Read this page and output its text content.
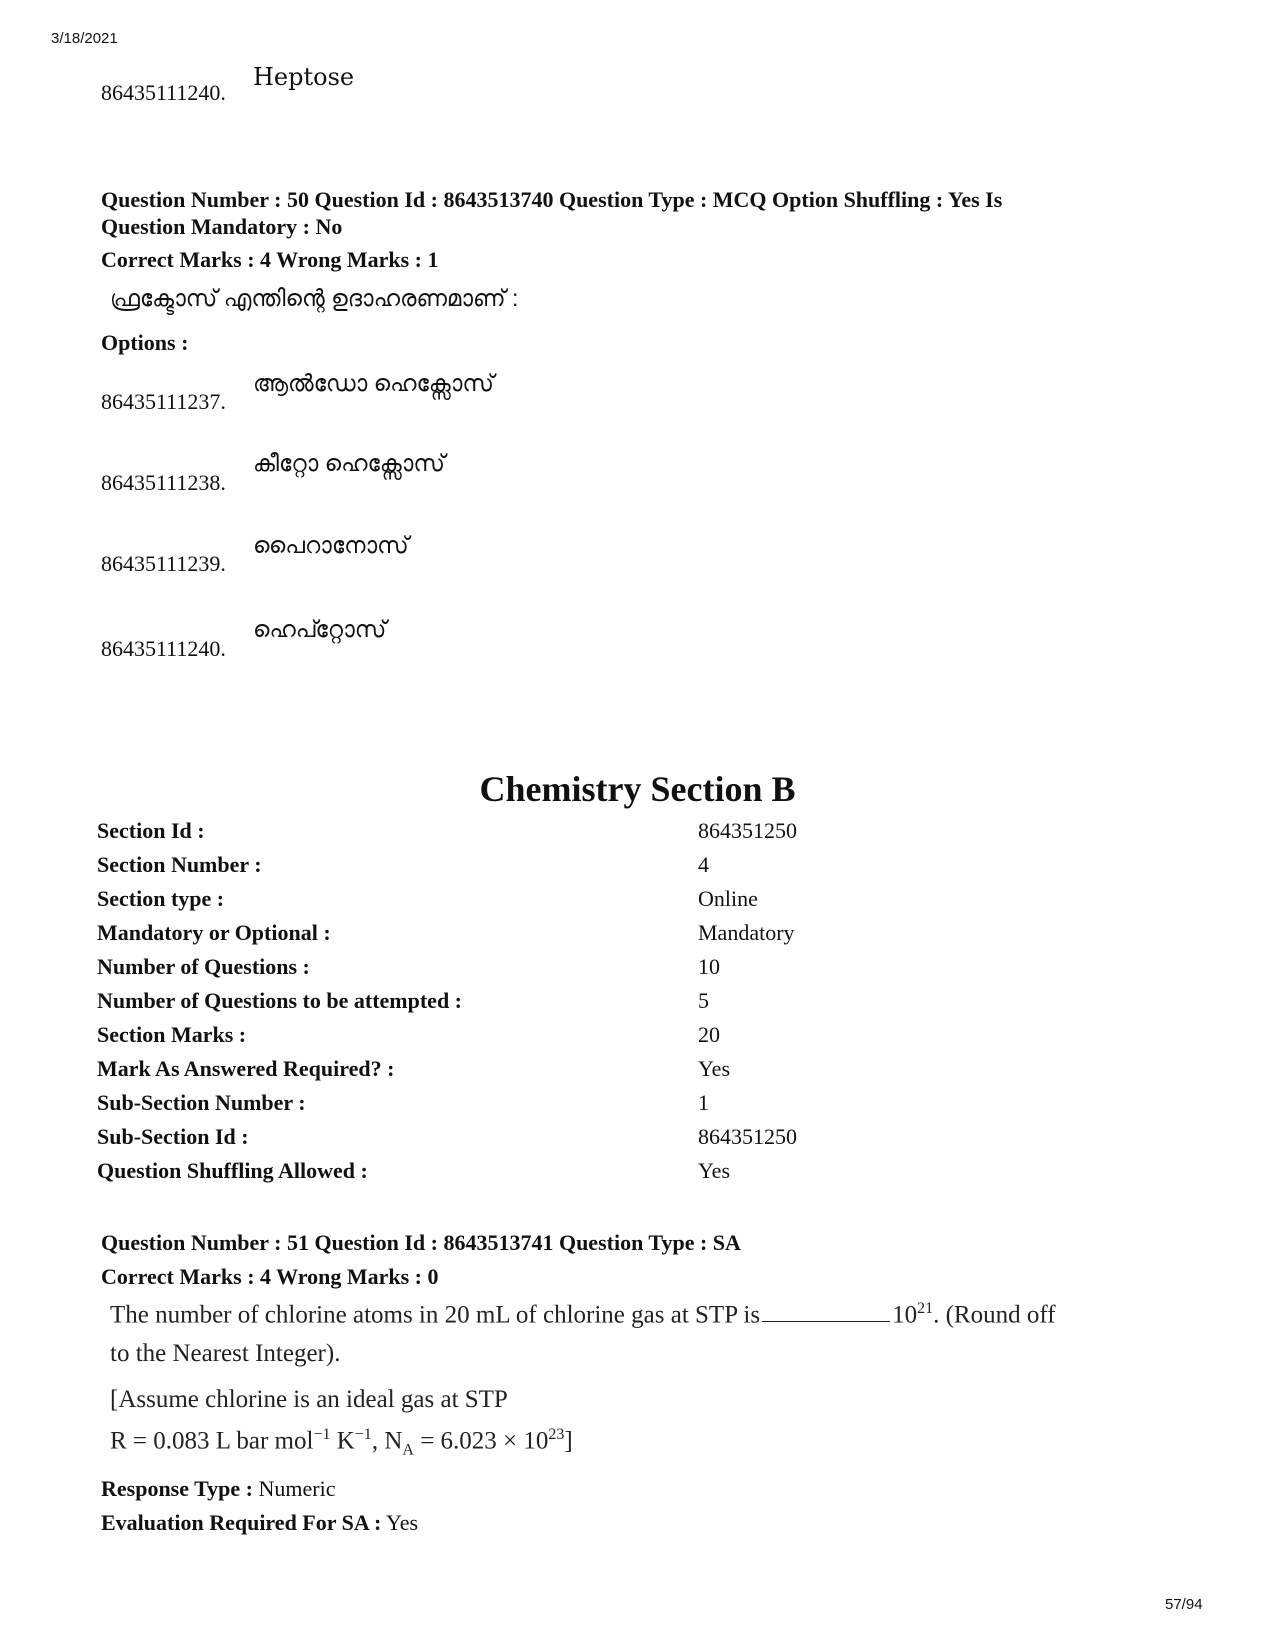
3/18/2021
86435111240.
Heptose
Question Number : 50 Question Id : 8643513740 Question Type : MCQ Option Shuffling : Yes Is
Question Mandatory : No
Correct Marks : 4 Wrong Marks : 1
ഫ്രക്ടോസ് എന്തിന്റെ ഉദാഹരണമാണ് :
Options :
86435111237.
ആൽഡോ ഹെക്സോസ്
86435111238.
കീറ്റോ ഹെക്സോസ്
86435111239.
പൈറാനോസ്
86435111240.
ഹെപ്റ്റോസ്
Chemistry Section B
Section Id :	864351250
Section Number :	4
Section type :	Online
Mandatory or Optional :	Mandatory
Number of Questions :	10
Number of Questions to be attempted :	5
Section Marks :	20
Mark As Answered Required? :	Yes
Sub-Section Number :	1
Sub-Section Id :	864351250
Question Shuffling Allowed :	Yes
Question Number : 51 Question Id : 8643513741 Question Type : SA
Correct Marks : 4 Wrong Marks : 0
The number of chlorine atoms in 20 mL of chlorine gas at STP is	$10^{21}$. (Round off
to the Nearest Integer).
[Assume chlorine is an ideal gas at STP
R = 0.083 L bar mol$^{-1}$ $K^{-1}$, $N_A = 6.023 \times 10^{23}$]
Response Type : Numeric
Evaluation Required For SA : Yes
57/94
